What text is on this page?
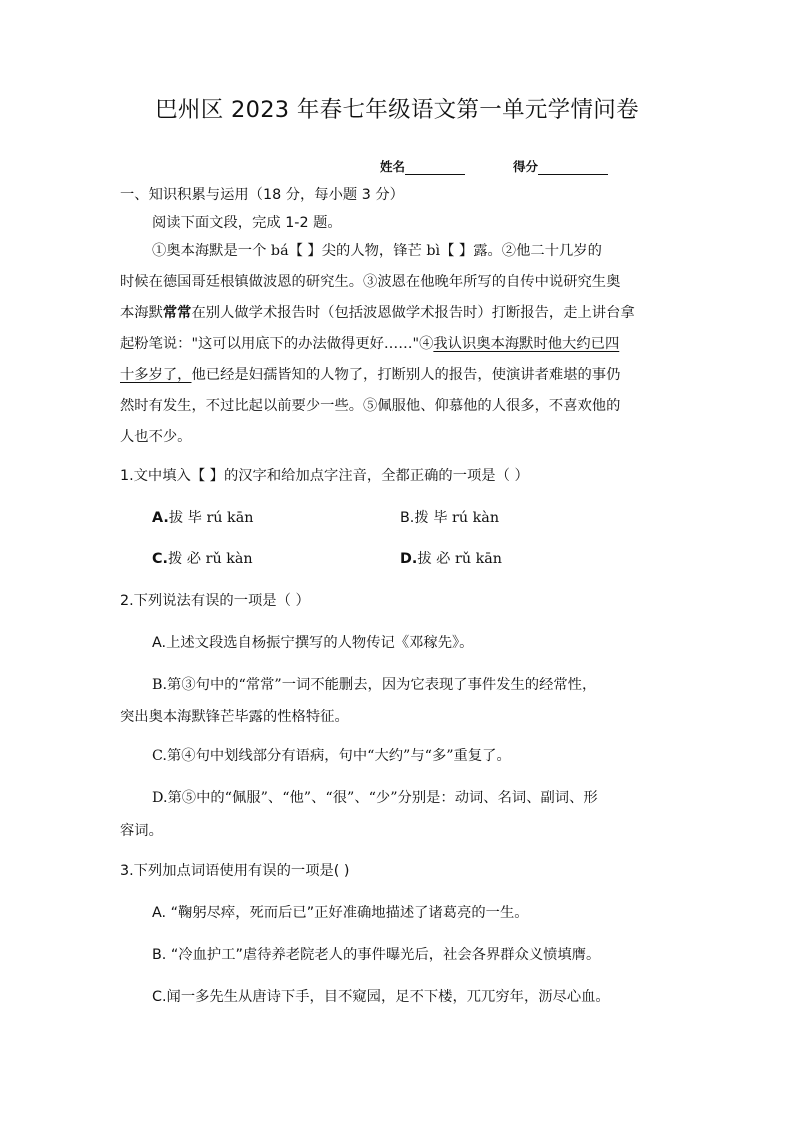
巴州区 2023 年春七年级语文第一单元学情问卷
姓名	得分
一、知识积累与运用（18 分，每小题 3 分）
阅读下面文段，完成 1-2 题。
①奥本海默是一个 bá【 】尖的人物，锋芒 bì【 】露。②他二十几岁的
时候在德国哥廷根镇做波恩的研究生。③波恩在他晚年所写的自传中说研究生奥
本海默常常在别人做学术报告时（包括波恩做学术报告时）打断报告，走上讲台拿
起粉笔说："这可以用底下的办法做得更好……"④我认识奥本海默时他大约已四
十多岁了，他已经是妇孺皆知的人物了，打断别人的报告，使演讲者难堪的事仍
然时有发生，不过比起以前要少一些。⑤佩服他、仰慕他的人很多，不喜欢他的
人也不少。
1.文中填入【 】的汉字和给加点字注音，全都正确的一项是（ ）
A.拔 毕 rú kān	B.拨 毕 rú kàn
C.拨 必 rǔ kàn	D.拔 必 rǔ kān
2.下列说法有误的一项是（ ）
A.上述文段选自杨振宁撰写的人物传记《邓稼先》。
B.第③句中的“常常”一词不能删去，因为它表现了事件发生的经常性，
突出奥本海默锋芒毕露的性格特征。
C.第④句中划线部分有语病，句中“大约”与“多”重复了。
D.第⑤中的“佩服”、“他”、“很”、“少”分别是：动词、名词、副词、形
容词。
3.下列加点词语使用有误的一项是( )
A. “鞠躬尽瘁，死而后已”正好准确地描述了诸葛亮的一生。
B. “冷血护工”虐待养老院老人的事件曝光后，社会各界群众义愤填膺。
C.闻一多先生从唐诗下手，目不窥园，足不下楼，兀兀穷年，沥尽心血。
